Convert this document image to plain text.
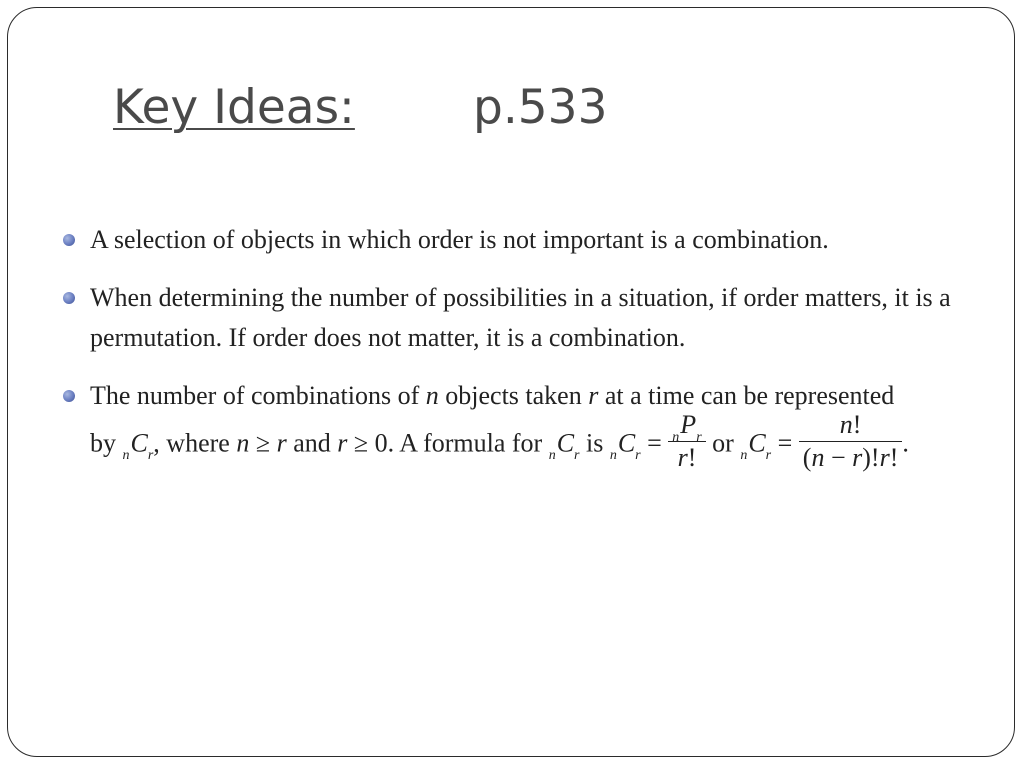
Key Ideas:	p.533
A selection of objects in which order is not important is a combination.
When determining the number of possibilities in a situation, if order matters, it is a permutation. If order does not matter, it is a combination.
The number of combinations of n objects taken r at a time can be represented
by $_nC_r$, where n ≥ r and r ≥ 0. A formula for $_nC_r$ is $_nC_r = \frac{_nP_r}{r!}$ or $_nC_r = \frac{n!}{(n - r)!r!}$ .
